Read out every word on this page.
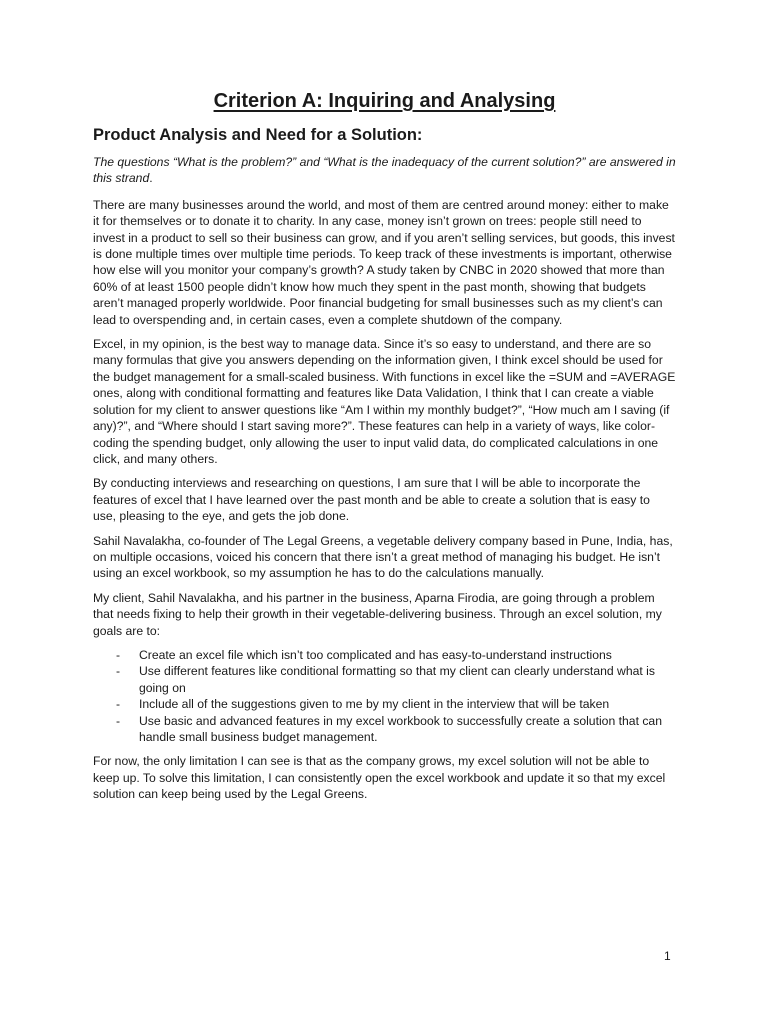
Criterion A: Inquiring and Analysing
Product Analysis and Need for a Solution:

The questions “What is the problem?” and “What is the inadequacy of the current solution?” are answered in this strand.

There are many businesses around the world, and most of them are centred around money: either to make it for themselves or to donate it to charity. In any case, money isn’t grown on trees: people still need to invest in a product to sell so their business can grow, and if you aren’t selling services, but goods, this invest is done multiple times over multiple time periods. To keep track of these investments is important, otherwise how else will you monitor your company’s growth? A study taken by CNBC in 2020 showed that more than 60% of at least 1500 people didn’t know how much they spent in the past month, showing that budgets aren’t managed properly worldwide. Poor financial budgeting for small businesses such as my client’s can lead to overspending and, in certain cases, even a complete shutdown of the company.

Excel, in my opinion, is the best way to manage data. Since it’s so easy to understand, and there are so many formulas that give you answers depending on the information given, I think excel should be used for the budget management for a small-scaled business. With functions in excel like the =SUM and =AVERAGE ones, along with conditional formatting and features like Data Validation, I think that I can create a viable solution for my client to answer questions like “Am I within my monthly budget?”, “How much am I saving (if any)?”, and “Where should I start saving more?”. These features can help in a variety of ways, like color-coding the spending budget, only allowing the user to input valid data, do complicated calculations in one click, and many others.

By conducting interviews and researching on questions, I am sure that I will be able to incorporate the features of excel that I have learned over the past month and be able to create a solution that is easy to use, pleasing to the eye, and gets the job done.

Sahil Navalakha, co-founder of The Legal Greens, a vegetable delivery company based in Pune, India, has, on multiple occasions, voiced his concern that there isn’t a great method of managing his budget. He isn’t using an excel workbook, so my assumption he has to do the calculations manually.

My client, Sahil Navalakha, and his partner in the business, Aparna Firodia, are going through a problem that needs fixing to help their growth in their vegetable-delivering business. Through an excel solution, my goals are to:

- Create an excel file which isn’t too complicated and has easy-to-understand instructions
- Use different features like conditional formatting so that my client can clearly understand what is going on
- Include all of the suggestions given to me by my client in the interview that will be taken
- Use basic and advanced features in my excel workbook to successfully create a solution that can handle small business budget management.

For now, the only limitation I can see is that as the company grows, my excel solution will not be able to keep up. To solve this limitation, I can consistently open the excel workbook and update it so that my excel solution can keep being used by the Legal Greens.

1
